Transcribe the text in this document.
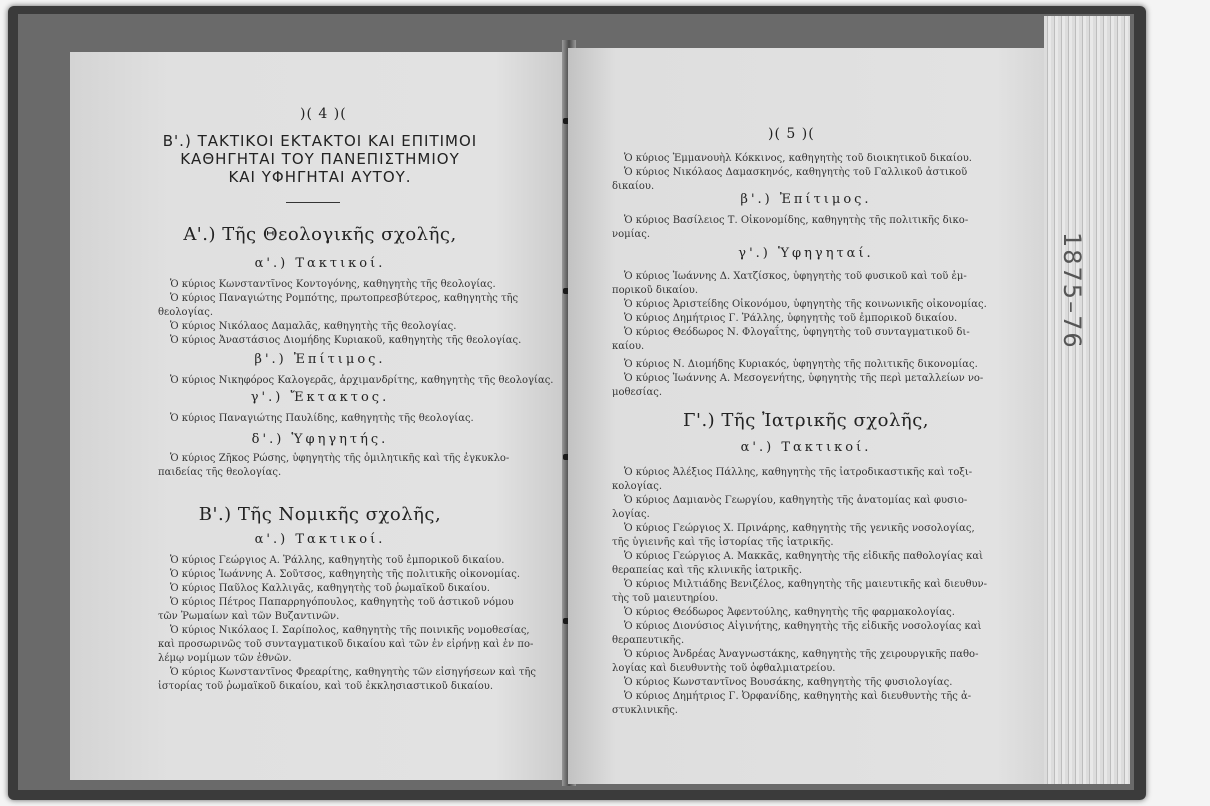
1875–76
)( 4 )(
B'.) ΤΑΚΤΙΚΟΙ ΕΚΤΑΚΤΟΙ ΚΑΙ ΕΠΙΤΙΜΟΙ
ΚΑΘΗΓΗΤΑΙ ΤΟΥ ΠΑΝΕΠΙΣΤΗΜΙΟΥ
ΚΑΙ ΥΦΗΓΗΤΑΙ ΑΥΤΟΥ.
Α'.) Τῆς Θεολογικῆς σχολῆς,
α'.) Τακτικοί.
Ὁ κύριος Κωνσταντῖνος Κοντογόνης, καθηγητὴς τῆς θεολογίας.
Ὁ κύριος Παναγιώτης Ρομπότης, πρωτοπρεσβύτερος, καθηγητὴς τῆς
θεολογίας.
Ὁ κύριος Νικόλαος Δαμαλᾶς, καθηγητὴς τῆς θεολογίας.
Ὁ κύριος Ἀναστάσιος Διομήδης Κυριακοῦ, καθηγητὴς τῆς θεολογίας.
β'.) Ἐπίτιμος.
Ὁ κύριος Νικηφόρος Καλογερᾶς, ἀρχιμανδρίτης, καθηγητὴς τῆς θεολογίας.
γ'.) Ἔκτακτος.
Ὁ κύριος Παναγιώτης Παυλίδης, καθηγητὴς τῆς θεολογίας.
δ'.) Ὑφηγητής.
Ὁ κύριος Ζῆκος Ρώσης, ὑφηγητὴς τῆς ὁμιλητικῆς καὶ τῆς ἐγκυκλο-
παιδείας τῆς θεολογίας.
Β'.) Τῆς Νομικῆς σχολῆς,
α'.) Τακτικοί.
Ὁ κύριος Γεώργιος Α. Ῥάλλης, καθηγητὴς τοῦ ἐμπορικοῦ δικαίου.
Ὁ κύριος Ἰωάννης Α. Σοῦτσος, καθηγητὴς τῆς πολιτικῆς οἰκονομίας.
Ὁ κύριος Παῦλος Καλλιγᾶς, καθηγητὴς τοῦ ῥωμαϊκοῦ δικαίου.
Ὁ κύριος Πέτρος Παπαρρηγόπουλος, καθηγητὴς τοῦ ἀστικοῦ νόμου
τῶν Ῥωμαίων καὶ τῶν Βυζαντινῶν.
Ὁ κύριος Νικόλαος Ι. Σαρίπολος, καθηγητὴς τῆς ποινικῆς νομοθεσίας,
καὶ προσωρινῶς τοῦ συνταγματικοῦ δικαίου καὶ τῶν ἐν εἰρήνῃ καὶ ἐν πο-
λέμῳ νομίμων τῶν ἐθνῶν.
Ὁ κύριος Κωνσταντῖνος Φρεαρίτης, καθηγητὴς τῶν εἰσηγήσεων καὶ τῆς
ἱστορίας τοῦ ῥωμαϊκοῦ δικαίου, καὶ τοῦ ἐκκλησιαστικοῦ δικαίου.
)( 5 )(
Ὁ κύριος Ἐμμανουὴλ Κόκκινος, καθηγητὴς τοῦ διοικητικοῦ δικαίου.
Ὁ κύριος Νικόλαος Δαμασκηνός, καθηγητὴς τοῦ Γαλλικοῦ ἀστικοῦ
δικαίου.
β'.) Ἐπίτιμος.
Ὁ κύριος Βασίλειος Τ. Οἰκονομίδης, καθηγητὴς τῆς πολιτικῆς δικο-
νομίας.
γ'.) Ὑφηγηταί.
Ὁ κύριος Ἰωάννης Δ. Χατζίσκος, ὑφηγητὴς τοῦ φυσικοῦ καὶ τοῦ ἐμ-
πορικοῦ δικαίου.
Ὁ κύριος Ἀριστείδης Οἰκονόμου, ὑφηγητὴς τῆς κοινωνικῆς οἰκονομίας.
Ὁ κύριος Δημήτριος Γ. Ῥάλλης, ὑφηγητὴς τοῦ ἐμπορικοῦ δικαίου.
Ὁ κύριος Θεόδωρος Ν. Φλογαΐτης, ὑφηγητὴς τοῦ συνταγματικοῦ δι-
καίου.
Ὁ κύριος Ν. Διομήδης Κυριακός, ὑφηγητὴς τῆς πολιτικῆς δικονομίας.
Ὁ κύριος Ἰωάννης Α. Μεσογενήτης, ὑφηγητὴς τῆς περὶ μεταλλείων νο-
μοθεσίας.
Γ'.) Τῆς Ἰατρικῆς σχολῆς,
α'.) Τακτικοί.
Ὁ κύριος Ἀλέξιος Πάλλης, καθηγητὴς τῆς ἰατροδικαστικῆς καὶ τοξι-
κολογίας.
Ὁ κύριος Δαμιανὸς Γεωργίου, καθηγητὴς τῆς ἀνατομίας καὶ φυσιο-
λογίας.
Ὁ κύριος Γεώργιος Χ. Πρινάρης, καθηγητὴς τῆς γενικῆς νοσολογίας,
τῆς ὑγιεινῆς καὶ τῆς ἱστορίας τῆς ἰατρικῆς.
Ὁ κύριος Γεώργιος Α. Μακκᾶς, καθηγητὴς τῆς εἰδικῆς παθολογίας καὶ
θεραπείας καὶ τῆς κλινικῆς ἰατρικῆς.
Ὁ κύριος Μιλτιάδης Βενιζέλος, καθηγητὴς τῆς μαιευτικῆς καὶ διευθυν-
τὴς τοῦ μαιευτηρίου.
Ὁ κύριος Θεόδωρος Ἀφεντούλης, καθηγητὴς τῆς φαρμακολογίας.
Ὁ κύριος Διονύσιος Αἰγινήτης, καθηγητὴς τῆς εἰδικῆς νοσολογίας καὶ
θεραπευτικῆς.
Ὁ κύριος Ἀνδρέας Ἀναγνωστάκης, καθηγητὴς τῆς χειρουργικῆς παθο-
λογίας καὶ διευθυντὴς τοῦ ὀφθαλμιατρείου.
Ὁ κύριος Κωνσταντῖνος Βουσάκης, καθηγητὴς τῆς φυσιολογίας.
Ὁ κύριος Δημήτριος Γ. Ὀρφανίδης, καθηγητὴς καὶ διευθυντὴς τῆς ἀ-
στυκλινικῆς.
